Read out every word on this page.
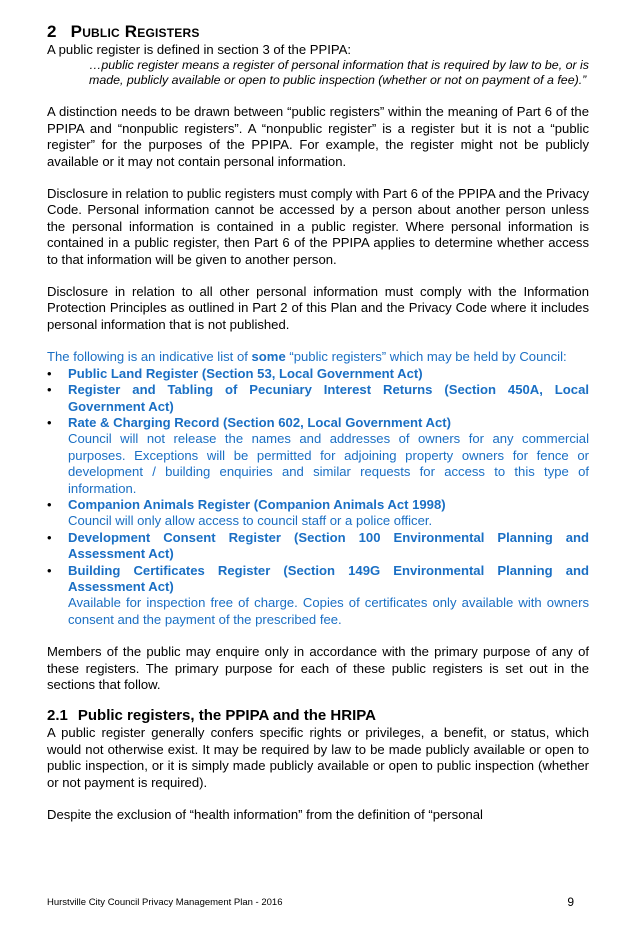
2 Public Registers

A public register is defined in section 3 of the PPIPA:

…public register means a register of personal information that is required by law to be, or is made, publicly available or open to public inspection (whether or not on payment of a fee).”

A distinction needs to be drawn between “public registers” within the meaning of Part 6 of the PPIPA and “nonpublic registers”. A “nonpublic register” is a register but it is not a “public register” for the purposes of the PPIPA. For example, the register might not be publicly available or it may not contain personal information.

Disclosure in relation to public registers must comply with Part 6 of the PPIPA and the Privacy Code. Personal information cannot be accessed by a person about another person unless the personal information is contained in a public register. Where personal information is contained in a public register, then Part 6 of the PPIPA applies to determine whether access to that information will be given to another person.

Disclosure in relation to all other personal information must comply with the Information Protection Principles as outlined in Part 2 of this Plan and the Privacy Code where it includes personal information that is not published.

The following is an indicative list of some “public registers” which may be held by Council:

• Public Land Register (Section 53, Local Government Act)
• Register and Tabling of Pecuniary Interest Returns (Section 450A, Local Government Act)
• Rate & Charging Record (Section 602, Local Government Act)
Council will not release the names and addresses of owners for any commercial purposes. Exceptions will be permitted for adjoining property owners for fence or development / building enquiries and similar requests for access to this type of information.
• Companion Animals Register (Companion Animals Act 1998)
Council will only allow access to council staff or a police officer.
• Development Consent Register (Section 100 Environmental Planning and Assessment Act)
• Building Certificates Register (Section 149G Environmental Planning and Assessment Act)
Available for inspection free of charge. Copies of certificates only available with owners consent and the payment of the prescribed fee.

Members of the public may enquire only in accordance with the primary purpose of any of these registers. The primary purpose for each of these public registers is set out in the sections that follow.

2.1 Public registers, the PPIPA and the HRIPA

A public register generally confers specific rights or privileges, a benefit, or status, which would not otherwise exist. It may be required by law to be made publicly available or open to public inspection, or it is simply made publicly available or open to public inspection (whether or not payment is required).

Despite the exclusion of “health information” from the definition of “personal

Hurstville City Council Privacy Management Plan - 2016	9
